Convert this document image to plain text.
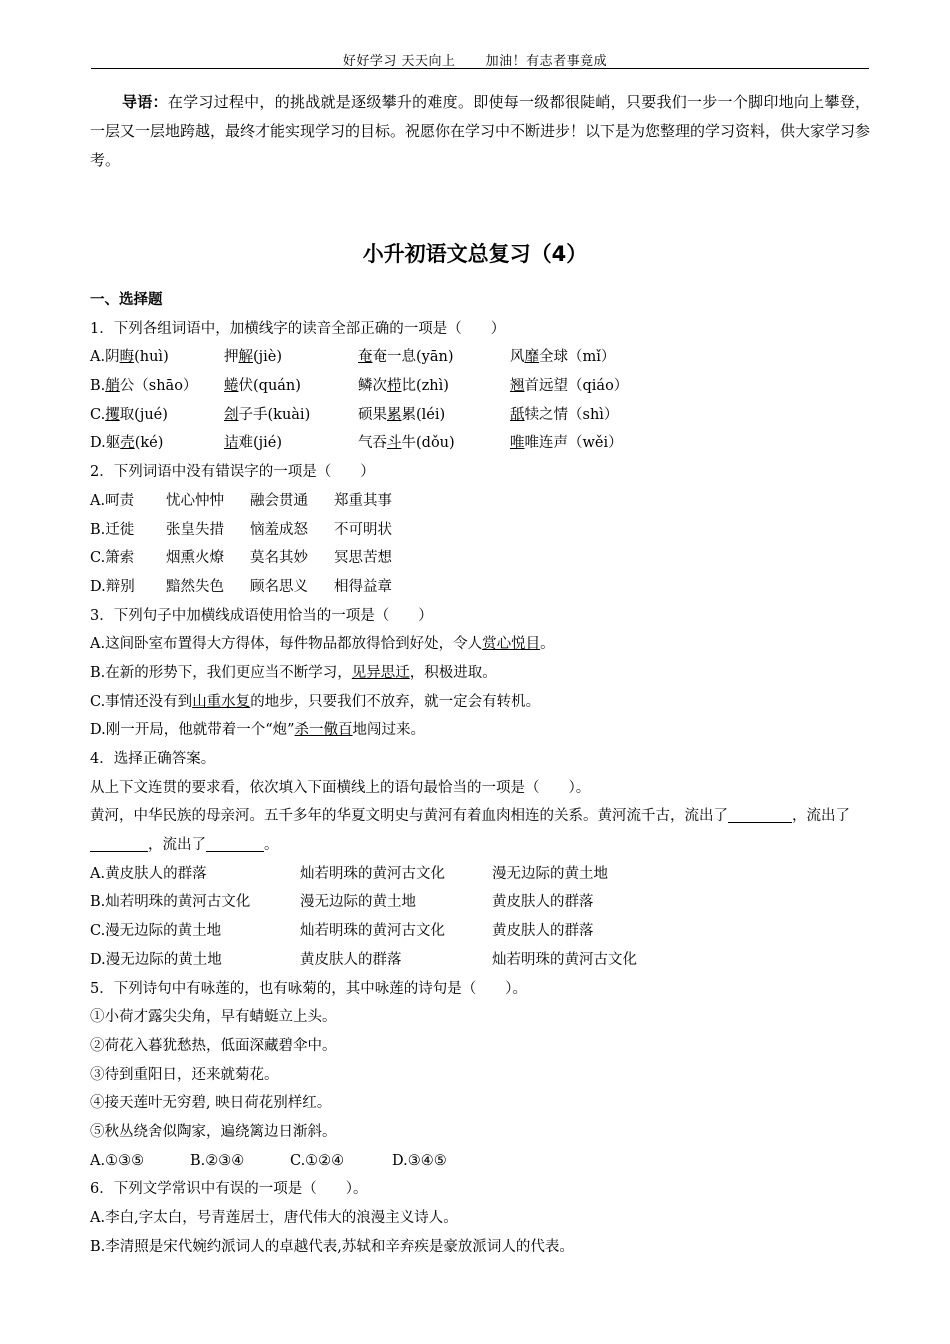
好好学习 天天向上 加油！有志者事竟成
导语：在学习过程中，的挑战就是逐级攀升的难度。即使每一级都很陡峭，只要我们一步一个脚印地向上攀登，一层又一层地跨越，最终才能实现学习的目标。祝愿你在学习中不断进步！以下是为您整理的学习资料，供大家学习参考。
小升初语文总复习（4）
一、选择题
1．下列各组词语中，加横线字的读音全部正确的一项是（　　）
A.阴晦(huì)	押解(jiè)	奄奄一息(yān)	风靡全球（mǐ）
B.艄公（shāo） 蜷伏(quán)	鳞次栉比(zhì)	翘首远望（qiáo）
C.攫取(jué)	刽子手(kuài)	硕果累累(léi)	舐犊之情（shì）
D.躯壳(ké)	诘难(jié)	气吞斗牛(dǒu)	唯唯连声（wěi）
2．下列词语中没有错误字的一项是（　　）
A.呵责 忧心忡忡 融会贯通 郑重其事
B.迁徙 张皇失措 恼羞成怒 不可明状
C.箫索 烟熏火燎 莫名其妙 冥思苦想
D.辩别 黯然失色 顾名思义 相得益章
3．下列句子中加横线成语使用恰当的一项是（　　）
A.这间卧室布置得大方得体，每件物品都放得恰到好处，令人赏心悦目。
B.在新的形势下，我们更应当不断学习，见异思迁，积极进取。
C.事情还没有到山重水复的地步，只要我们不放弃，就一定会有转机。
D.刚一开局，他就带着一个“炮”杀一儆百地闯过来。
4．选择正确答案。
从上下文连贯的要求看，依次填入下面横线上的语句最恰当的一项是（　　）。
黄河，中华民族的母亲河。五千多年的华夏文明史与黄河有着血肉相连的关系。黄河流千古，流出了	，流出了，流出了	。
A.黄皮肤人的群落	灿若明珠的黄河古文化	漫无边际的黄土地
B.灿若明珠的黄河古文化	漫无边际的黄土地	黄皮肤人的群落
C.漫无边际的黄土地	灿若明珠的黄河古文化	黄皮肤人的群落
D.漫无边际的黄土地	黄皮肤人的群落	灿若明珠的黄河古文化
5．下列诗句中有咏莲的，也有咏菊的，其中咏莲的诗句是（　　）。
①小荷才露尖尖角，早有蜻蜓立上头。
②荷花入暮犹愁热，低面深藏碧伞中。
③待到重阳日，还来就菊花。
④接天莲叶无穷碧, 映日荷花别样红。
⑤秋丛绕舍似陶家，遍绕篱边日渐斜。
A.①③⑤	B.②③④	C.①②④	D.③④⑤
6．下列文学常识中有误的一项是（　　）。
A.李白,字太白，号青莲居士，唐代伟大的浪漫主义诗人。
B.李清照是宋代婉约派词人的卓越代表,苏轼和辛弃疾是豪放派词人的代表。
